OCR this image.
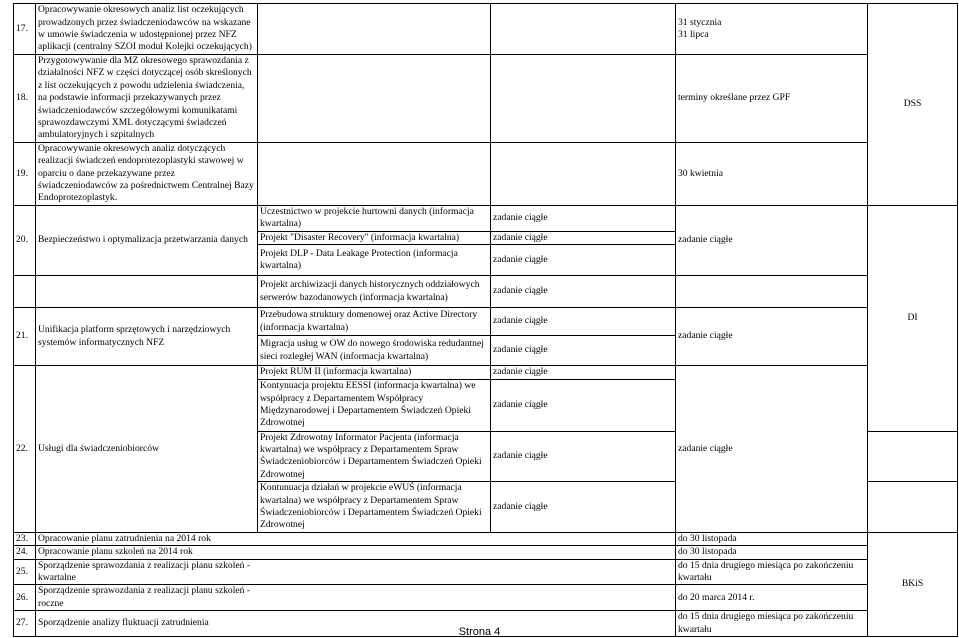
17.	Opracowywanie okresowych analiz list oczekujących prowadzonych przez świadczeniodawców na wskazane w umowie świadczenia w udostępnionej przez NFZ aplikacji (centralny SZOI moduł Kolejki oczekujących)			31 stycznia
31 lipca	DSS
18.	Przygotowywanie dla MZ okresowego sprawozdania z działalności NFZ w części dotyczącej osób skreślonych z list oczekujących z powodu udzielenia świadczenia, na podstawie informacji przekazywanych przez świadczeniodawców szczegółowymi komunikatami sprawozdawczymi XML dotyczącymi świadczeń ambulatoryjnych i szpitalnych			terminy określane przez GPF	
19.	Opracowywanie okresowych analiz dotyczących realizacji świadczeń endoprotezoplastyki stawowej w oparciu o dane przekazywane przez świadczeniodawców za pośrednictwem Centralnej Bazy Endoprotezoplastyk.			30 kwietnia	
20.	Bezpieczeństwo i optymalizacja przetwarzania danych	Uczestnictwo w projekcie hurtowni danych (informacja kwartalna)	zadanie ciągłe	zadanie ciągłe	DI
		Projekt "Disaster Recovery" (informacja kwartalna)	zadanie ciągłe		
		Projekt DLP - Data Leakage Protection (informacja kwartalna)	zadanie ciągłe		
		Projekt archiwizacji danych historycznych oddziałowych serwerów bazodanowych (informacja kwartalna)	zadanie ciągłe		
21.	Unifikacja platform sprzętowych i narzędziowych systemów informatycznych NFZ	Przebudowa struktury domenowej oraz Active Directory (informacja kwartalna)	zadanie ciągłe	zadanie ciągłe	
		Migracja usług w OW do nowego środowiska redudantnej sieci rozległej WAN (informacja kwartalna)	zadanie ciągłe		
22.	Usługi dla świadczeniobiorców	Projekt RUM II (informacja kwartalna)	zadanie ciągłe	zadanie ciągłe	
		Kontynuacja projektu EESSI (informacja kwartalna) we współpracy z Departamentem Współpracy Międzynarodowej i Departamentem Świadczeń Opieki Zdrowotnej	zadanie ciągłe		
		Projekt Zdrowotny Informator Pacjenta (informacja kwartalna) we współpracy z Departamentem Spraw Świadczeniobiorców i Departamentem Świadczeń Opieki Zdrowotnej	zadanie ciągłe		
		Kontunuacja działań w projekcie eWUŚ (informacja kwartalna) we współpracy z Departamentem Spraw Świadczeniobiorców i Departamentem Świadczeń Opieki Zdrowotnej	zadanie ciągłe		
23.	Opracowanie planu zatrudnienia na 2014 rok			do 30 listopada	BKiS
24.	Opracowanie planu szkoleń na 2014 rok			do 30 listopada	
25.	Sporządzenie sprawozdania z realizacji planu szkoleń - kwartalne			do 15 dnia drugiego miesiąca po zakończeniu kwartału	
26.	Sporządzenie sprawozdania z realizacji planu szkoleń - roczne			do 20 marca 2014 r.	
27.	Sporządzenie analizy fluktuacji zatrudnienia			do 15 dnia drugiego miesiąca po zakończeniu kwartału	
Strona 4
